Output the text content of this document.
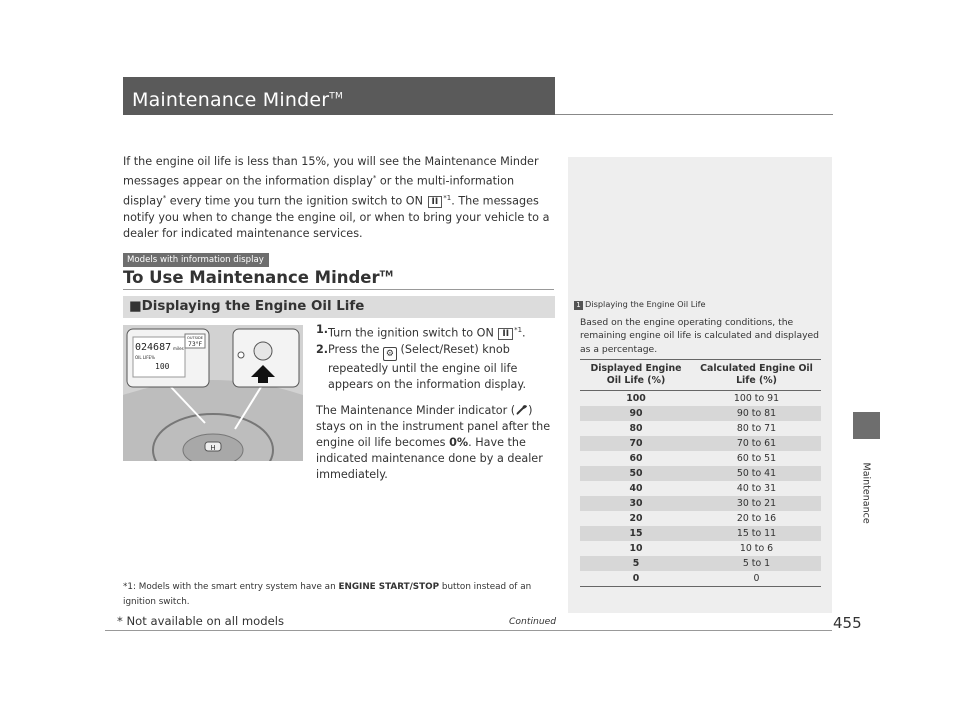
Maintenance Minder™
If the engine oil life is less than 15%, you will see the Maintenance Minder messages appear on the information display* or the multi-information display* every time you turn the ignition switch to ON II $^{*1}$. The messages notify you when to change the engine oil, or when to bring your vehicle to a dealer for indicated maintenance services.
Models with information display
To Use Maintenance Minder™
■Displaying the Engine Oil Life
H
024687 miles
OUTSIDE
73°F
OIL LIFE%
100
1. Turn the ignition switch to ON II $^{*1}$.
2. Press the ⚙ (Select/Reset) knob repeatedly until the engine oil life appears on the information display.
The Maintenance Minder indicator ( ) stays on in the instrument panel after the engine oil life becomes 0%. Have the indicated maintenance done by a dealer immediately.
*1: Models with the smart entry system have an ENGINE START/STOP button instead of an ignition switch.
1 Displaying the Engine Oil Life
Based on the engine operating conditions, the remaining engine oil life is calculated and displayed as a percentage.
Displayed Engine Oil Life (%)	Calculated Engine Oil Life (%)
100	100 to 91
90	90 to 81
80	80 to 71
70	70 to 61
60	60 to 51
50	50 to 41
40	40 to 31
30	30 to 21
20	20 to 16
15	15 to 11
10	10 to 6
5	5 to 1
0	0
Maintenance
Continued
* Not available on all models	455
